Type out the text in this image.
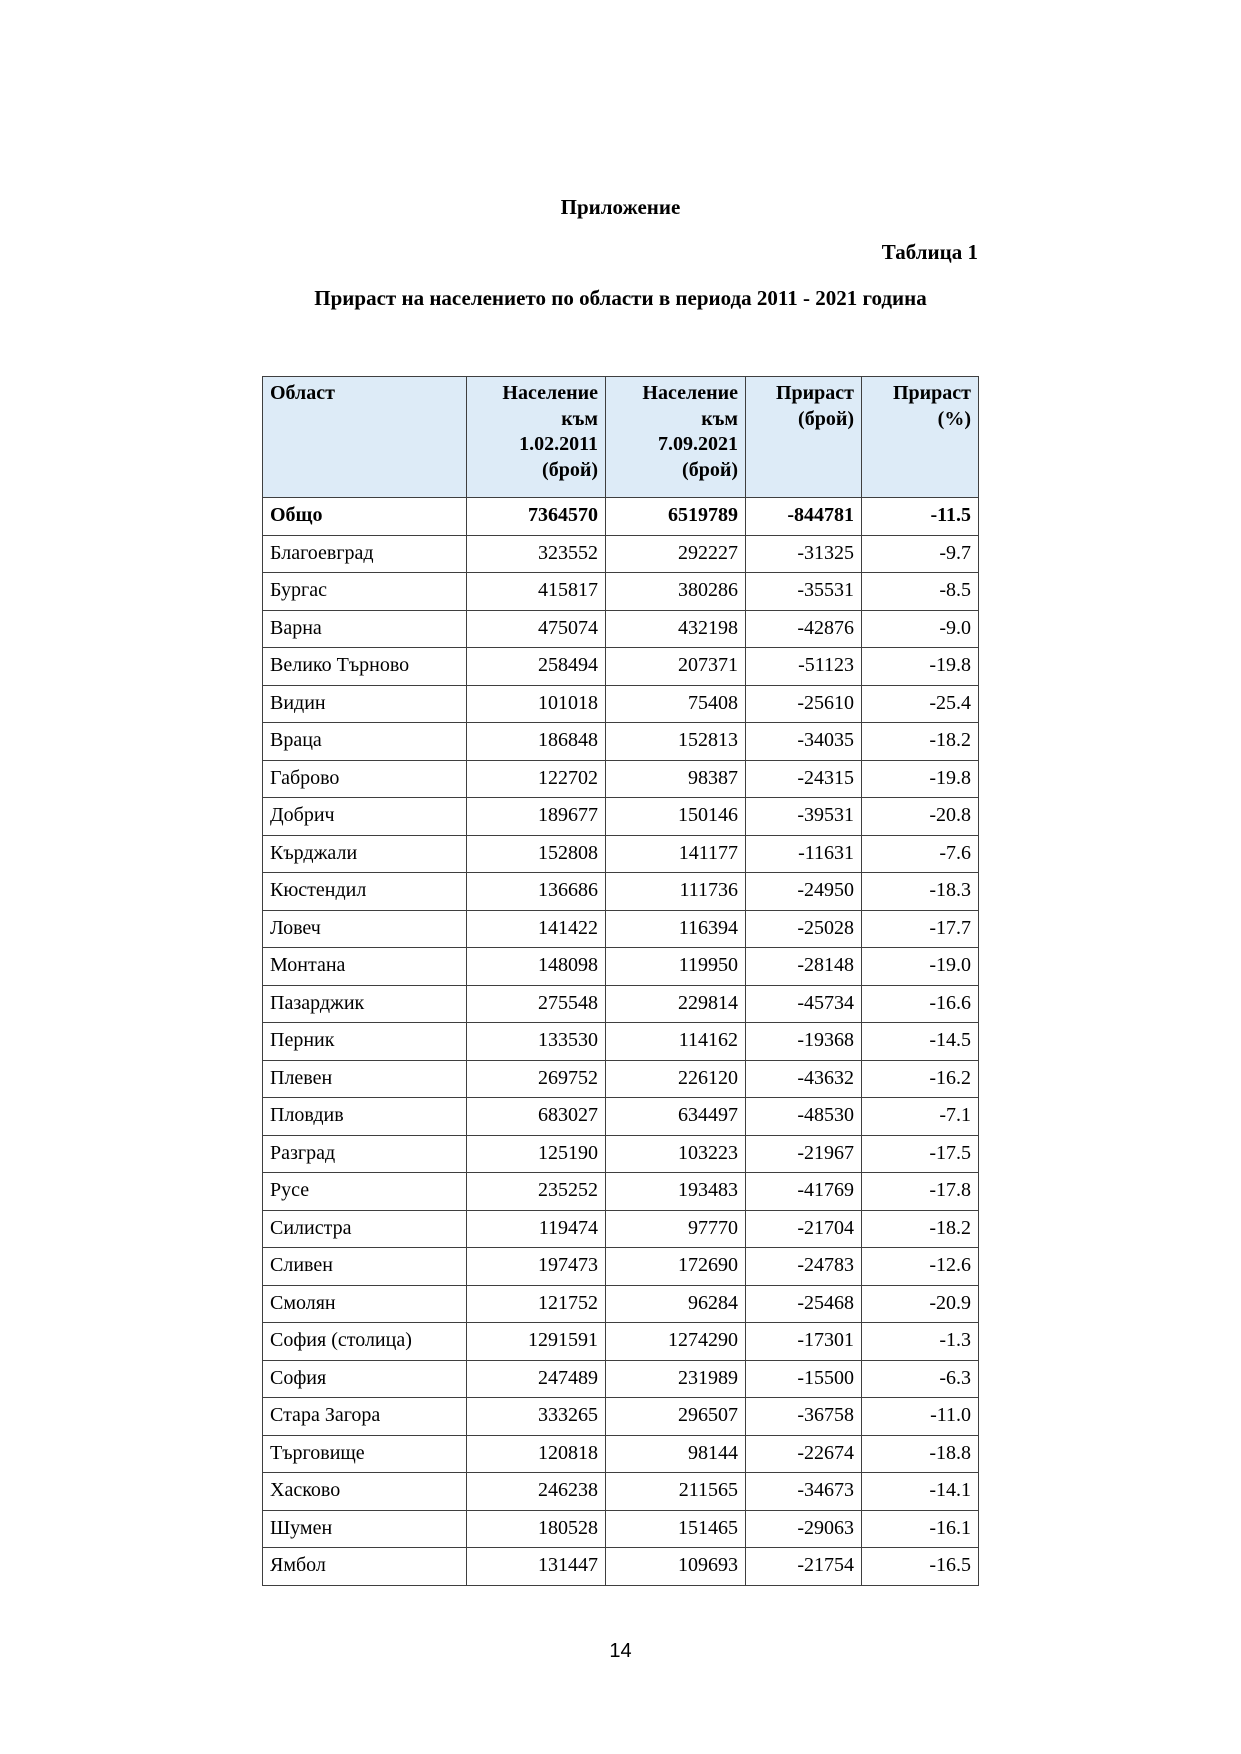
Приложение
Таблица 1
Прираст на населението по области в периода 2011 - 2021 година
Област	Население
към
1.02.2011
(брой)	Население
към
7.09.2021
(брой)	Прираст
(брой)	Прираст
(%)

Общо	7364570	6519789	-844781	-11.5
Благоевград	323552	292227	-31325	-9.7
Бургас	415817	380286	-35531	-8.5
Варна	475074	432198	-42876	-9.0
Велико Търново	258494	207371	-51123	-19.8
Видин	101018	75408	-25610	-25.4
Враца	186848	152813	-34035	-18.2
Габрово	122702	98387	-24315	-19.8
Добрич	189677	150146	-39531	-20.8
Кърджали	152808	141177	-11631	-7.6
Кюстендил	136686	111736	-24950	-18.3
Ловеч	141422	116394	-25028	-17.7
Монтана	148098	119950	-28148	-19.0
Пазарджик	275548	229814	-45734	-16.6
Перник	133530	114162	-19368	-14.5
Плевен	269752	226120	-43632	-16.2
Пловдив	683027	634497	-48530	-7.1
Разград	125190	103223	-21967	-17.5
Русе	235252	193483	-41769	-17.8
Силистра	119474	97770	-21704	-18.2
Сливен	197473	172690	-24783	-12.6
Смолян	121752	96284	-25468	-20.9
София (столица)	1291591	1274290	-17301	-1.3
София	247489	231989	-15500	-6.3
Стара Загора	333265	296507	-36758	-11.0
Търговище	120818	98144	-22674	-18.8
Хасково	246238	211565	-34673	-14.1
Шумен	180528	151465	-29063	-16.1
Ямбол	131447	109693	-21754	-16.5
14
